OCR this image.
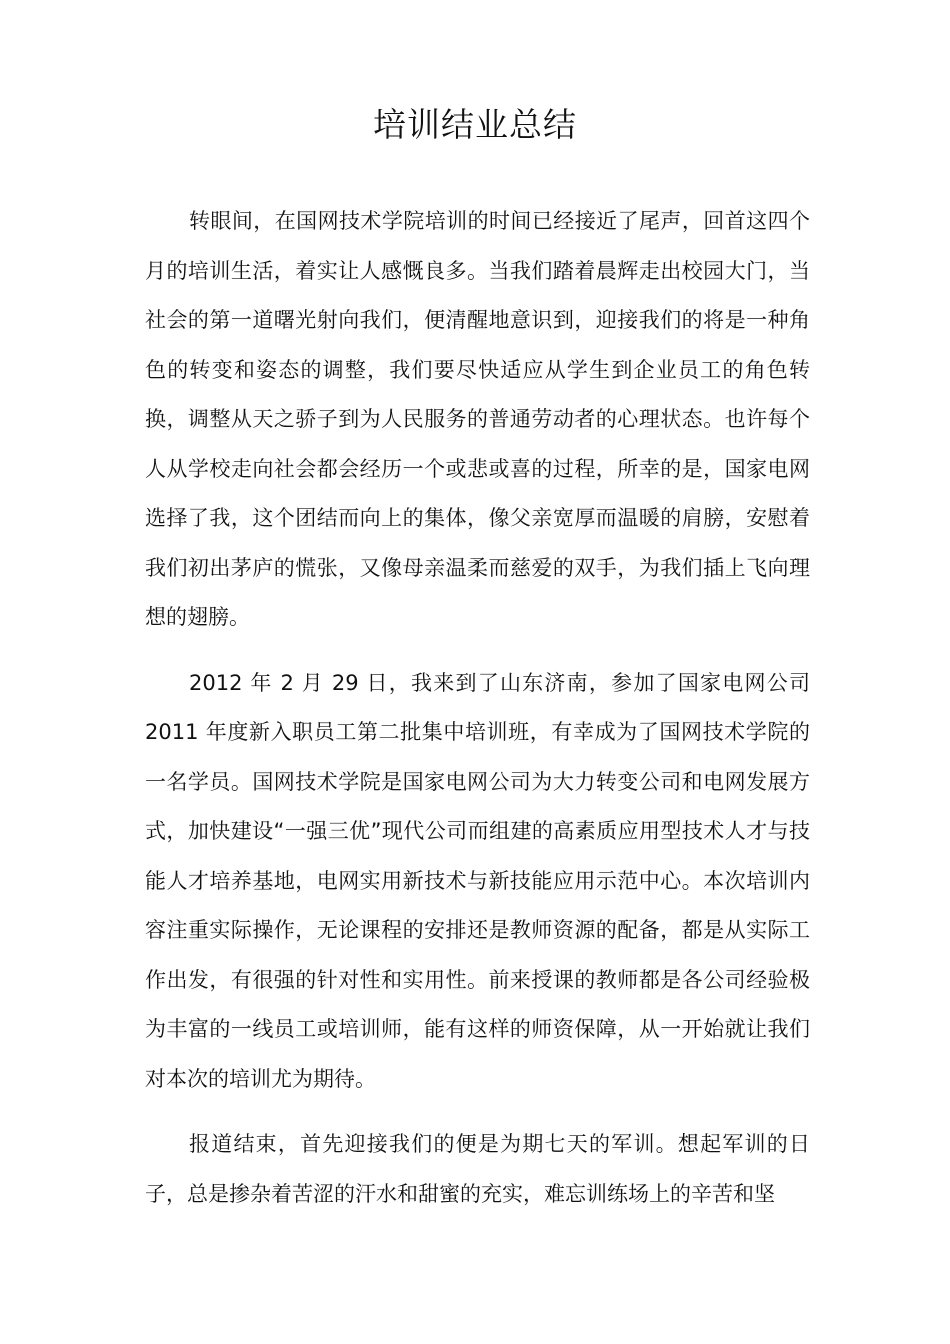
培训结业总结

转眼间，在国网技术学院培训的时间已经接近了尾声，回首这四个月的培训生活，着实让人感慨良多。当我们踏着晨辉走出校园大门，当社会的第一道曙光射向我们，便清醒地意识到，迎接我们的将是一种角色的转变和姿态的调整，我们要尽快适应从学生到企业员工的角色转换，调整从天之骄子到为人民服务的普通劳动者的心理状态。也许每个人从学校走向社会都会经历一个或悲或喜的过程，所幸的是，国家电网选择了我，这个团结而向上的集体，像父亲宽厚而温暖的肩膀，安慰着我们初出茅庐的慌张，又像母亲温柔而慈爱的双手，为我们插上飞向理想的翅膀。

2012 年 2 月 29 日，我来到了山东济南，参加了国家电网公司 2011 年度新入职员工第二批集中培训班，有幸成为了国网技术学院的一名学员。国网技术学院是国家电网公司为大力转变公司和电网发展方式，加快建设“一强三优”现代公司而组建的高素质应用型技术人才与技能人才培养基地，电网实用新技术与新技能应用示范中心。本次培训内容注重实际操作，无论课程的安排还是教师资源的配备，都是从实际工作出发，有很强的针对性和实用性。前来授课的教师都是各公司经验极为丰富的一线员工或培训师，能有这样的师资保障，从一开始就让我们对本次的培训尤为期待。

报道结束，首先迎接我们的便是为期七天的军训。想起军训的日子，总是掺杂着苦涩的汗水和甜蜜的充实，难忘训练场上的辛苦和坚
